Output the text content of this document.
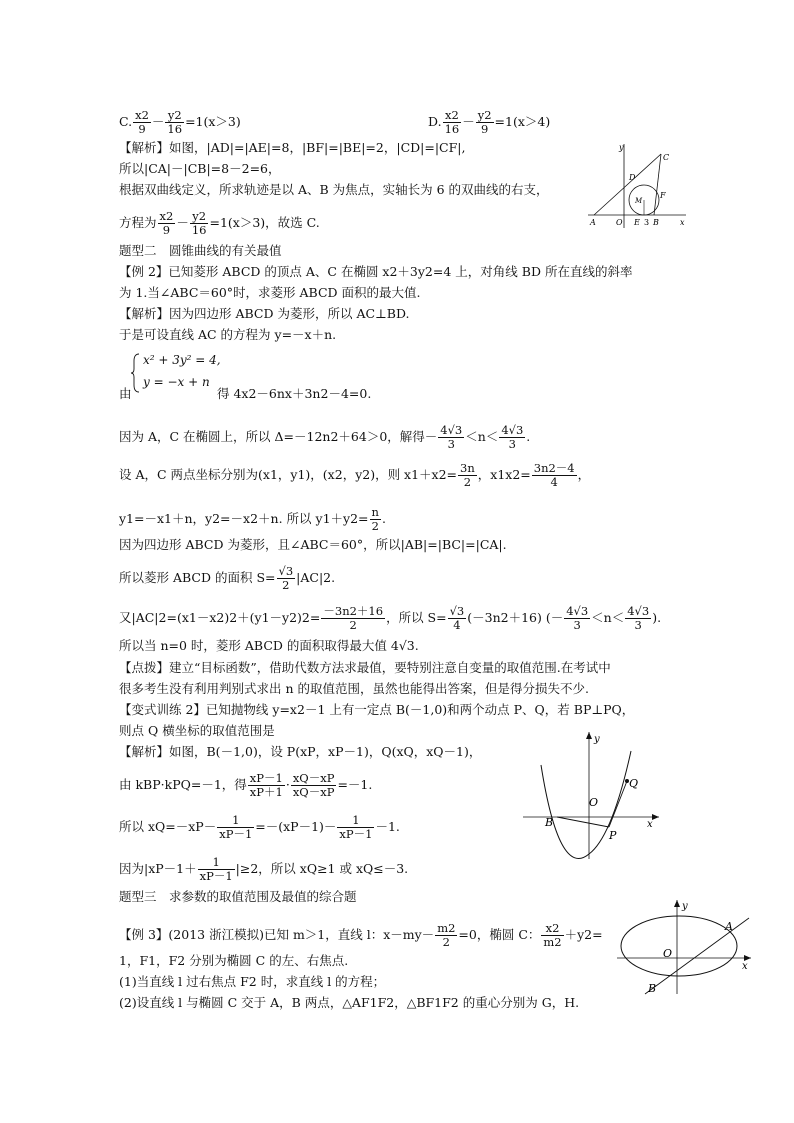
C. $\frac{x2}{9} - \frac{y2}{16} =1(x>3)$	D. $\frac{x2}{16} - \frac{y2}{9} =1(x>4)$
【解析】如图，|AD|=|AE|=8，|BF|=|BE|=2，|CD|=|CF|,
所以|CA|－|CB|=8－2=6，
根据双曲线定义，所求轨迹是以 A、B 为焦点，实轴长为 6 的双曲线的右支，
方程为 $\frac{x2}{9} - \frac{y2}{16} =1(x>3)$，故选 C.
y
C
D
M
F
A	O E 3 B	x
题型二　圆锥曲线的有关最值
【例 2】已知菱形 ABCD 的顶点 A、C 在椭圆 x2＋3y2=4 上，对角线 BD 所在直线的斜率
为 1.当∠ABC＝60°时，求菱形 ABCD 面积的最大值.
【解析】因为四边形 ABCD 为菱形，所以 AC⊥BD.
于是可设直线 AC 的方程为 y=－x＋n.
由
x² + 3y² = 4,
y = −x + n
得 4x2－6nx＋3n2－4=0.
因为 A，C 在椭圆上，所以 Δ=－12n2＋64＞0，解得－ $\frac{4√3}{3} <n< \frac{4√3}{3}$ .
设 A，C 两点坐标分别为(x1，y1)，(x2，y2)，则 $x1+x2= \frac{3n}{2}$ ，$x1x2= \frac{3n2-4}{4}$ ，
y1=－x1＋n，y2=－x2＋n. 所以 $y1+y2= \frac{n}{2}$ .
因为四边形 ABCD 为菱形，且∠ABC＝60°，所以|AB|=|BC|=|CA|.
所以菱形 ABCD 的面积 $S= \frac{√3}{2} |AC|2$.
又$|AC|2=(x1-x2)2+(y1-y2)2= \frac{-3n2+16}{2}$ ，所以 $S= \frac{√3}{4} (-3n2+16)$ (－ $\frac{4√3}{3} <n< \frac{4√3}{3}$ ).
所以当 n=0 时，菱形 ABCD 的面积取得最大值 4√3.
【点拨】建立“目标函数”，借助代数方法求最值，要特别注意自变量的取值范围.在考试中
很多考生没有利用判别式求出 n 的取值范围，虽然也能得出答案，但是得分损失不少.
【变式训练 2】已知抛物线 y=x2－1 上有一定点 B(－1,0)和两个动点 P、Q，若 BP⊥PQ，
则点 Q 横坐标的取值范围是
【解析】如图，B(－1,0)，设 P(xP，xP－1)，Q(xQ，xQ－1)，
由 kBP·kPQ=－1，得 $\frac{xP-1}{xP+1} \cdot \frac{xQ-xP}{xQ-xP} =-1$.
所以 $xQ=-xP- \frac{1}{xP-1} =-(xP-1)- \frac{1}{xP-1} -1$.
因为$|xP-1+ \frac{1}{xP-1} |\ge 2$，所以 xQ≥1 或 xQ≤－3.
y
Q
O
B
P
x
题型三　求参数的取值范围及最值的综合题
【例 3】(2013 浙江模拟)已知 m＞1，直线 l：$x-my- \frac{m2}{2} =0$，椭圆 C： $\frac{x2}{m2} +y2=$
1，F1，F2 分别为椭圆 C 的左、右焦点.
(1)当直线 l 过右焦点 F2 时，求直线 l 的方程；
(2)设直线 l 与椭圆 C 交于 A，B 两点，△AF1F2，△BF1F2 的重心分别为 G，H.
y
A
O
B
x
